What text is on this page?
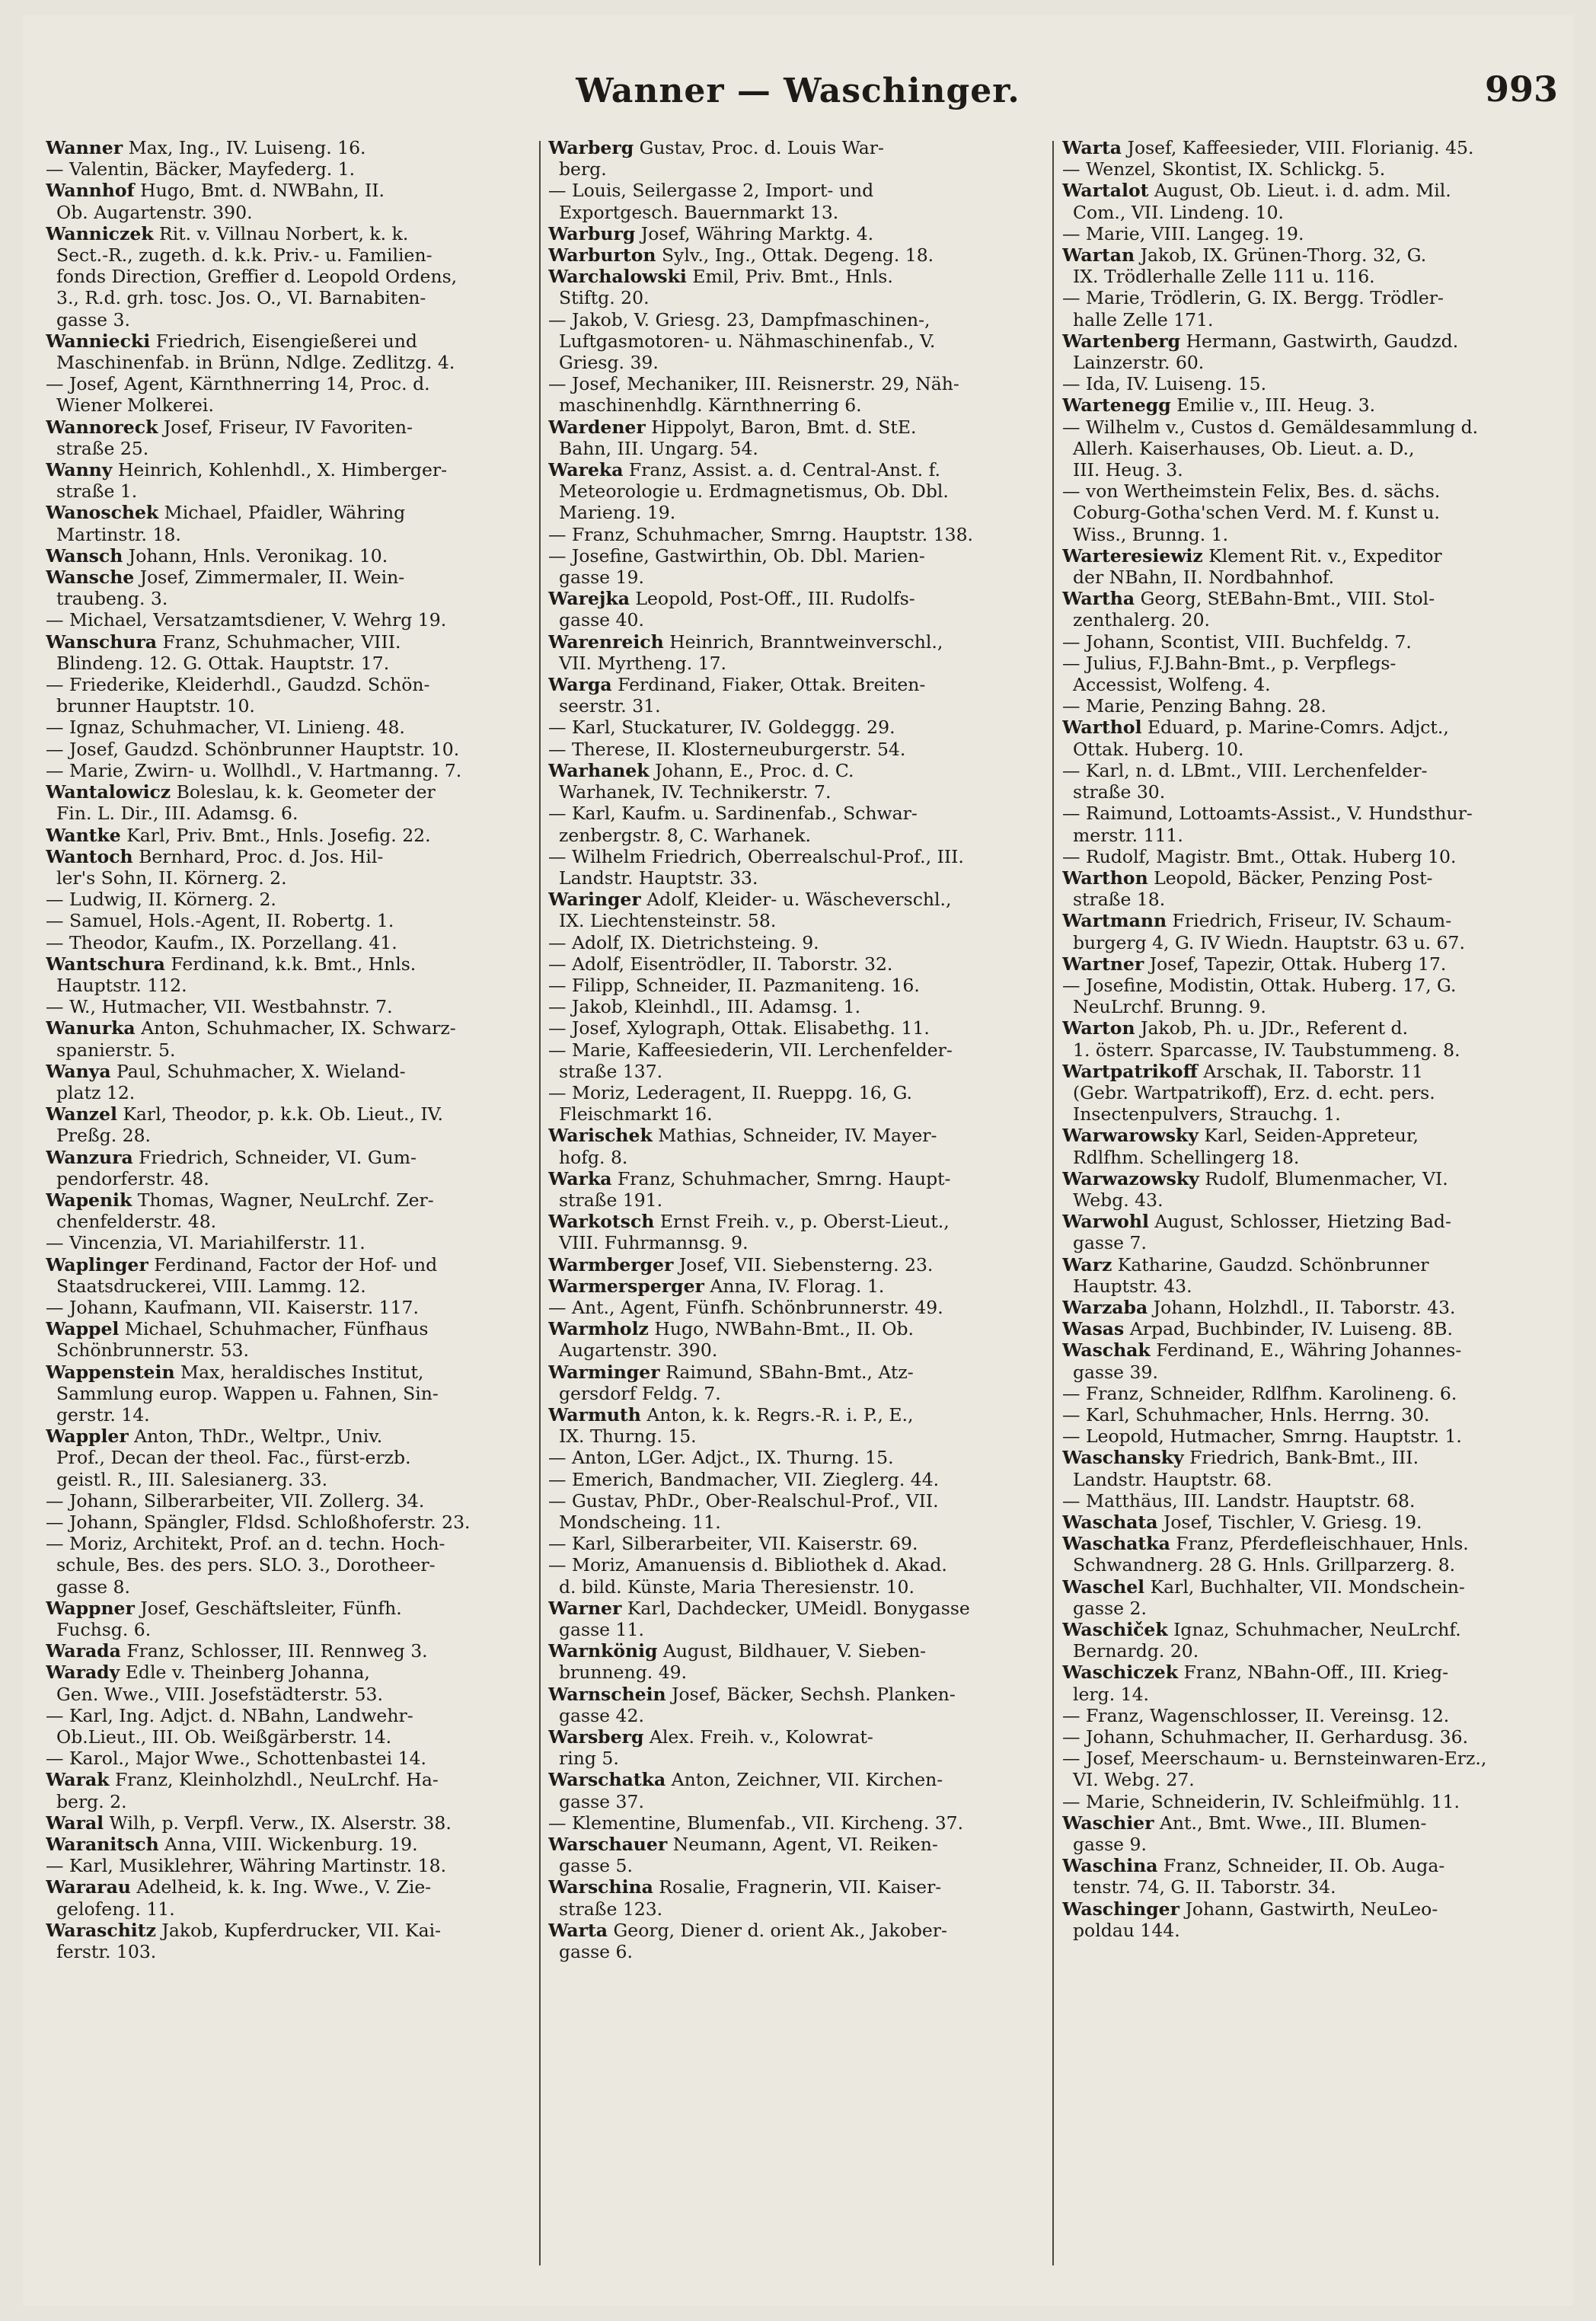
Wanner — Waschinger.	993
Wanner Max, Ing., IV. Luiseng. 16.
— Valentin, Bäcker, Mayfederg. 1.
Wannhof Hugo, Bmt. d. NWBahn, II.
Ob. Augartenstr. 390.
Wanniczek Rit. v. Villnau Norbert, k. k.
Sect.-R., zugeth. d. k.k. Priv.- u. Familien-
fonds Direction, Greffier d. Leopold Ordens,
3., R.d. grh. tosc. Jos. O., VI. Barnabiten-
gasse 3.
Wanniecki Friedrich, Eisengießerei und
Maschinenfab. in Brünn, Ndlge. Zedlitzg. 4.
— Josef, Agent, Kärnthnerring 14, Proc. d.
Wiener Molkerei.
Wannoreck Josef, Friseur, IV Favoriten-
straße 25.
Wanny Heinrich, Kohlenhdl., X. Himberger-
straße 1.
Wanoschek Michael, Pfaidler, Währing
Martinstr. 18.
Wansch Johann, Hnls. Veronikag. 10.
Wansche Josef, Zimmermaler, II. Wein-
traubeng. 3.
— Michael, Versatzamtsdiener, V. Wehrg 19.
Wanschura Franz, Schuhmacher, VIII.
Blindeng. 12. G. Ottak. Hauptstr. 17.
— Friederike, Kleiderhdl., Gaudzd. Schön-
brunner Hauptstr. 10.
— Ignaz, Schuhmacher, VI. Linieng. 48.
— Josef, Gaudzd. Schönbrunner Hauptstr. 10.
— Marie, Zwirn- u. Wollhdl., V. Hartmanng. 7.
Wantalowicz Boleslau, k. k. Geometer der
Fin. L. Dir., III. Adamsg. 6.
Wantke Karl, Priv. Bmt., Hnls. Josefig. 22.
Wantoch Bernhard, Proc. d. Jos. Hil-
ler's Sohn, II. Körnerg. 2.
— Ludwig, II. Körnerg. 2.
— Samuel, Hols.-Agent, II. Robertg. 1.
— Theodor, Kaufm., IX. Porzellang. 41.
Wantschura Ferdinand, k.k. Bmt., Hnls.
Hauptstr. 112.
— W., Hutmacher, VII. Westbahnstr. 7.
Wanurka Anton, Schuhmacher, IX. Schwarz-
spanierstr. 5.
Wanya Paul, Schuhmacher, X. Wieland-
platz 12.
Wanzel Karl, Theodor, p. k.k. Ob. Lieut., IV.
Preßg. 28.
Wanzura Friedrich, Schneider, VI. Gum-
pendorferstr. 48.
Wapenik Thomas, Wagner, NeuLrchf. Zer-
chenfelderstr. 48.
— Vincenzia, VI. Mariahilferstr. 11.
Waplinger Ferdinand, Factor der Hof- und
Staatsdruckerei, VIII. Lammg. 12.
— Johann, Kaufmann, VII. Kaiserstr. 117.
Wappel Michael, Schuhmacher, Fünfhaus
Schönbrunnerstr. 53.
Wappenstein Max, heraldisches Institut,
Sammlung europ. Wappen u. Fahnen, Sin-
gerstr. 14.
Wappler Anton, ThDr., Weltpr., Univ.
Prof., Decan der theol. Fac., fürst-erzb.
geistl. R., III. Salesianerg. 33.
— Johann, Silberarbeiter, VII. Zollerg. 34.
— Johann, Spängler, Fldsd. Schloßhoferstr. 23.
— Moriz, Architekt, Prof. an d. techn. Hoch-
schule, Bes. des pers. SLO. 3., Dorotheer-
gasse 8.
Wappner Josef, Geschäftsleiter, Fünfh.
Fuchsg. 6.
Warada Franz, Schlosser, III. Rennweg 3.
Warady Edle v. Theinberg Johanna,
Gen. Wwe., VIII. Josefstädterstr. 53.
— Karl, Ing. Adjct. d. NBahn, Landwehr-
Ob.Lieut., III. Ob. Weißgärberstr. 14.
— Karol., Major Wwe., Schottenbastei 14.
Warak Franz, Kleinholzhdl., NeuLrchf. Ha-
berg. 2.
Waral Wilh, p. Verpfl. Verw., IX. Alserstr. 38.
Waranitsch Anna, VIII. Wickenburg. 19.
— Karl, Musiklehrer, Währing Martinstr. 18.
Wararau Adelheid, k. k. Ing. Wwe., V. Zie-
gelofeng. 11.
Waraschitz Jakob, Kupferdrucker, VII. Kai-
ferstr. 103.
Warberg Gustav, Proc. d. Louis War-
berg.
— Louis, Seilergasse 2, Import- und
Exportgesch. Bauernmarkt 13.
Warburg Josef, Währing Marktg. 4.
Warburton Sylv., Ing., Ottak. Degeng. 18.
Warchalowski Emil, Priv. Bmt., Hnls.
Stiftg. 20.
— Jakob, V. Griesg. 23, Dampfmaschinen-,
Luftgasmotoren- u. Nähmaschinenfab., V.
Griesg. 39.
— Josef, Mechaniker, III. Reisnerstr. 29, Näh-
maschinenhdlg. Kärnthnerring 6.
Wardener Hippolyt, Baron, Bmt. d. StE.
Bahn, III. Ungarg. 54.
Wareka Franz, Assist. a. d. Central-Anst. f.
Meteorologie u. Erdmagnetismus, Ob. Dbl.
Marieng. 19.
— Franz, Schuhmacher, Smrng. Hauptstr. 138.
— Josefine, Gastwirthin, Ob. Dbl. Marien-
gasse 19.
Warejka Leopold, Post-Off., III. Rudolfs-
gasse 40.
Warenreich Heinrich, Branntweinverschl.,
VII. Myrtheng. 17.
Warga Ferdinand, Fiaker, Ottak. Breiten-
seerstr. 31.
— Karl, Stuckaturer, IV. Goldeggg. 29.
— Therese, II. Klosterneuburgerstr. 54.
Warhanek Johann, E., Proc. d. C.
Warhanek, IV. Technikerstr. 7.
— Karl, Kaufm. u. Sardinenfab., Schwar-
zenbergstr. 8, C. Warhanek.
— Wilhelm Friedrich, Oberrealschul-Prof., III.
Landstr. Hauptstr. 33.
Waringer Adolf, Kleider- u. Wäscheverschl.,
IX. Liechtensteinstr. 58.
— Adolf, IX. Dietrichsteing. 9.
— Adolf, Eisentrödler, II. Taborstr. 32.
— Filipp, Schneider, II. Pazmaniteng. 16.
— Jakob, Kleinhdl., III. Adamsg. 1.
— Josef, Xylograph, Ottak. Elisabethg. 11.
— Marie, Kaffeesiederin, VII. Lerchenfelder-
straße 137.
— Moriz, Lederagent, II. Rueppg. 16, G.
Fleischmarkt 16.
Warischek Mathias, Schneider, IV. Mayer-
hofg. 8.
Warka Franz, Schuhmacher, Smrng. Haupt-
straße 191.
Warkotsch Ernst Freih. v., p. Oberst-Lieut.,
VIII. Fuhrmannsg. 9.
Warmberger Josef, VII. Siebensterng. 23.
Warmersperger Anna, IV. Florag. 1.
— Ant., Agent, Fünfh. Schönbrunnerstr. 49.
Warmholz Hugo, NWBahn-Bmt., II. Ob.
Augartenstr. 390.
Warminger Raimund, SBahn-Bmt., Atz-
gersdorf Feldg. 7.
Warmuth Anton, k. k. Regrs.-R. i. P., E.,
IX. Thurng. 15.
— Anton, LGer. Adjct., IX. Thurng. 15.
— Emerich, Bandmacher, VII. Zieglerg. 44.
— Gustav, PhDr., Ober-Realschul-Prof., VII.
Mondscheing. 11.
— Karl, Silberarbeiter, VII. Kaiserstr. 69.
— Moriz, Amanuensis d. Bibliothek d. Akad.
d. bild. Künste, Maria Theresienstr. 10.
Warner Karl, Dachdecker, UMeidl. Bonygasse
gasse 11.
Warnkönig August, Bildhauer, V. Sieben-
brunneng. 49.
Warnschein Josef, Bäcker, Sechsh. Planken-
gasse 42.
Warsberg Alex. Freih. v., Kolowrat-
ring 5.
Warschatka Anton, Zeichner, VII. Kirchen-
gasse 37.
— Klementine, Blumenfab., VII. Kircheng. 37.
Warschauer Neumann, Agent, VI. Reiken-
gasse 5.
Warschina Rosalie, Fragnerin, VII. Kaiser-
straße 123.
Warta Georg, Diener d. orient Ak., Jakober-
gasse 6.
Warta Josef, Kaffeesieder, VIII. Florianig. 45.
— Wenzel, Skontist, IX. Schlickg. 5.
Wartalot August, Ob. Lieut. i. d. adm. Mil.
Com., VII. Lindeng. 10.
— Marie, VIII. Langeg. 19.
Wartan Jakob, IX. Grünen-Thorg. 32, G.
IX. Trödlerhalle Zelle 111 u. 116.
— Marie, Trödlerin, G. IX. Bergg. Trödler-
halle Zelle 171.
Wartenberg Hermann, Gastwirth, Gaudzd.
Lainzerstr. 60.
— Ida, IV. Luiseng. 15.
Wartenegg Emilie v., III. Heug. 3.
— Wilhelm v., Custos d. Gemäldesammlung d.
Allerh. Kaiserhauses, Ob. Lieut. a. D.,
III. Heug. 3.
— von Wertheimstein Felix, Bes. d. sächs.
Coburg-Gotha'schen Verd. M. f. Kunst u.
Wiss., Brunng. 1.
Warteresiewiz Klement Rit. v., Expeditor
der NBahn, II. Nordbahnhof.
Wartha Georg, StEBahn-Bmt., VIII. Stol-
zenthalerg. 20.
— Johann, Scontist, VIII. Buchfeldg. 7.
— Julius, F.J.Bahn-Bmt., p. Verpflegs-
Accessist, Wolfeng. 4.
— Marie, Penzing Bahng. 28.
Warthol Eduard, p. Marine-Comrs. Adjct.,
Ottak. Huberg. 10.
— Karl, n. d. LBmt., VIII. Lerchenfelder-
straße 30.
— Raimund, Lottoamts-Assist., V. Hundsthur-
merstr. 111.
— Rudolf, Magistr. Bmt., Ottak. Huberg 10.
Warthon Leopold, Bäcker, Penzing Post-
straße 18.
Wartmann Friedrich, Friseur, IV. Schaum-
burgerg 4, G. IV Wiedn. Hauptstr. 63 u. 67.
Wartner Josef, Tapezir, Ottak. Huberg 17.
— Josefine, Modistin, Ottak. Huberg. 17, G.
NeuLrchf. Brunng. 9.
Warton Jakob, Ph. u. JDr., Referent d.
1. österr. Sparcasse, IV. Taubstummeng. 8.
Wartpatrikoff Arschak, II. Taborstr. 11
(Gebr. Wartpatrikoff), Erz. d. echt. pers.
Insectenpulvers, Strauchg. 1.
Warwarowsky Karl, Seiden-Appreteur,
Rdlfhm. Schellingerg 18.
Warwazowsky Rudolf, Blumenmacher, VI.
Webg. 43.
Warwohl August, Schlosser, Hietzing Bad-
gasse 7.
Warz Katharine, Gaudzd. Schönbrunner
Hauptstr. 43.
Warzaba Johann, Holzhdl., II. Taborstr. 43.
Wasas Arpad, Buchbinder, IV. Luiseng. 8B.
Waschak Ferdinand, E., Währing Johannes-
gasse 39.
— Franz, Schneider, Rdlfhm. Karolineng. 6.
— Karl, Schuhmacher, Hnls. Herrng. 30.
— Leopold, Hutmacher, Smrng. Hauptstr. 1.
Waschansky Friedrich, Bank-Bmt., III.
Landstr. Hauptstr. 68.
— Matthäus, III. Landstr. Hauptstr. 68.
Waschata Josef, Tischler, V. Griesg. 19.
Waschatka Franz, Pferdefleischhauer, Hnls.
Schwandnerg. 28 G. Hnls. Grillparzerg. 8.
Waschel Karl, Buchhalter, VII. Mondschein-
gasse 2.
Waschiček Ignaz, Schuhmacher, NeuLrchf.
Bernardg. 20.
Waschiczek Franz, NBahn-Off., III. Krieg-
lerg. 14.
— Franz, Wagenschlosser, II. Vereinsg. 12.
— Johann, Schuhmacher, II. Gerhardusg. 36.
— Josef, Meerschaum- u. Bernsteinwaren-Erz.,
VI. Webg. 27.
— Marie, Schneiderin, IV. Schleifmühlg. 11.
Waschier Ant., Bmt. Wwe., III. Blumen-
gasse 9.
Waschina Franz, Schneider, II. Ob. Auga-
tenstr. 74, G. II. Taborstr. 34.
Waschinger Johann, Gastwirth, NeuLeo-
poldau 144.
